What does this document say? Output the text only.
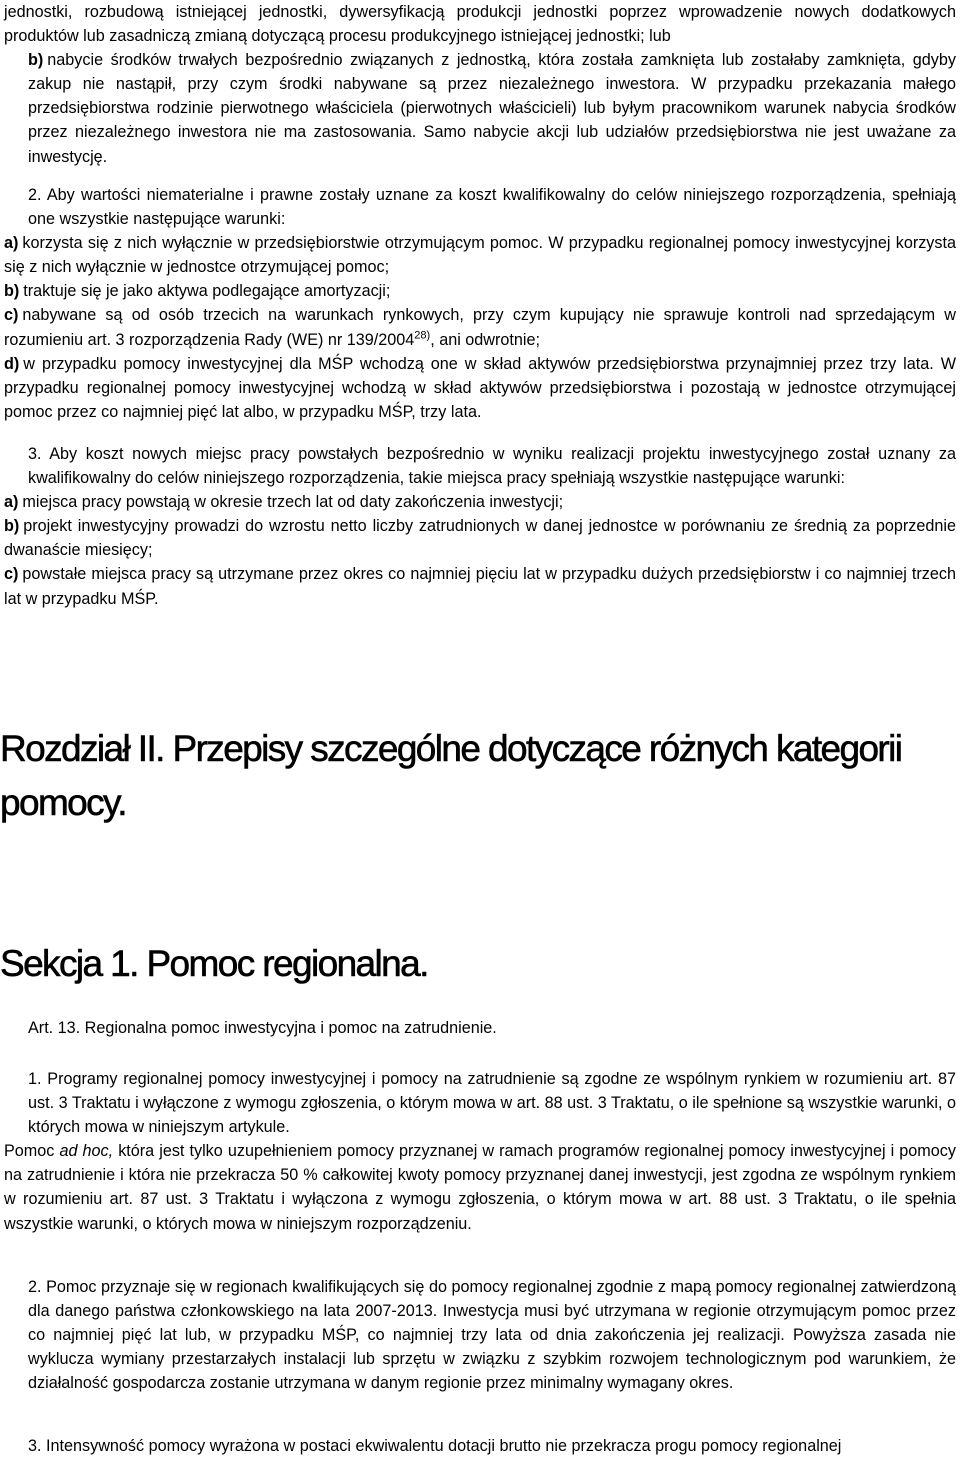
jednostki, rozbudową istniejącej jednostki, dywersyfikacją produkcji jednostki poprzez wprowadzenie nowych dodatkowych produktów lub zasadniczą zmianą dotyczącą procesu produkcyjnego istniejącej jednostki; lub

b) nabycie środków trwałych bezpośrednio związanych z jednostką, która została zamknięta lub zostałaby zamknięta, gdyby zakup nie nastąpił, przy czym środki nabywane są przez niezależnego inwestora. W przypadku przekazania małego przedsiębiorstwa rodzinie pierwotnego właściciela (pierwotnych właścicieli) lub byłym pracownikom warunek nabycia środków przez niezależnego inwestora nie ma zastosowania. Samo nabycie akcji lub udziałów przedsiębiorstwa nie jest uważane za inwestycję.

2. Aby wartości niematerialne i prawne zostały uznane za koszt kwalifikowalny do celów niniejszego rozporządzenia, spełniają one wszystkie następujące warunki:

a) korzysta się z nich wyłącznie w przedsiębiorstwie otrzymującym pomoc. W przypadku regionalnej pomocy inwestycyjnej korzysta się z nich wyłącznie w jednostce otrzymującej pomoc;

b) traktuje się je jako aktywa podlegające amortyzacji;

c) nabywane są od osób trzecich na warunkach rynkowych, przy czym kupujący nie sprawuje kontroli nad sprzedającym w rozumieniu art. 3 rozporządzenia Rady (WE) nr 139/2004$^{28)}$, ani odwrotnie;

d) w przypadku pomocy inwestycyjnej dla MŚP wchodzą one w skład aktywów przedsiębiorstwa przynajmniej przez trzy lata. W przypadku regionalnej pomocy inwestycyjnej wchodzą w skład aktywów przedsiębiorstwa i pozostają w jednostce otrzymującej pomoc przez co najmniej pięć lat albo, w przypadku MŚP, trzy lata.

3. Aby koszt nowych miejsc pracy powstałych bezpośrednio w wyniku realizacji projektu inwestycyjnego został uznany za kwalifikowalny do celów niniejszego rozporządzenia, takie miejsca pracy spełniają wszystkie następujące warunki:

a) miejsca pracy powstają w okresie trzech lat od daty zakończenia inwestycji;

b) projekt inwestycyjny prowadzi do wzrostu netto liczby zatrudnionych w danej jednostce w porównaniu ze średnią za poprzednie dwanaście miesięcy;

c) powstałe miejsca pracy są utrzymane przez okres co najmniej pięciu lat w przypadku dużych przedsiębiorstw i co najmniej trzech lat w przypadku MŚP.

Rozdział II. Przepisy szczególne dotyczące różnych kategorii pomocy.
Sekcja 1. Pomoc regionalna.

Art. 13. Regionalna pomoc inwestycyjna i pomoc na zatrudnienie.

1. Programy regionalnej pomocy inwestycyjnej i pomocy na zatrudnienie są zgodne ze wspólnym rynkiem w rozumieniu art. 87 ust. 3 Traktatu i wyłączone z wymogu zgłoszenia, o którym mowa w art. 88 ust. 3 Traktatu, o ile spełnione są wszystkie warunki, o których mowa w niniejszym artykule.

Pomoc ad hoc, która jest tylko uzupełnieniem pomocy przyznanej w ramach programów regionalnej pomocy inwestycyjnej i pomocy na zatrudnienie i która nie przekracza 50 % całkowitej kwoty pomocy przyznanej danej inwestycji, jest zgodna ze wspólnym rynkiem w rozumieniu art. 87 ust. 3 Traktatu i wyłączona z wymogu zgłoszenia, o którym mowa w art. 88 ust. 3 Traktatu, o ile spełnia wszystkie warunki, o których mowa w niniejszym rozporządzeniu.

2. Pomoc przyznaje się w regionach kwalifikujących się do pomocy regionalnej zgodnie z mapą pomocy regionalnej zatwierdzoną dla danego państwa członkowskiego na lata 2007-2013. Inwestycja musi być utrzymana w regionie otrzymującym pomoc przez co najmniej pięć lat lub, w przypadku MŚP, co najmniej trzy lata od dnia zakończenia jej realizacji. Powyższa zasada nie wyklucza wymiany przestarzałych instalacji lub sprzętu w związku z szybkim rozwojem technologicznym pod warunkiem, że działalność gospodarcza zostanie utrzymana w danym regionie przez minimalny wymagany okres.

3. Intensywność pomocy wyrażona w postaci ekwiwalentu dotacji brutto nie przekracza progu pomocy regionalnej
